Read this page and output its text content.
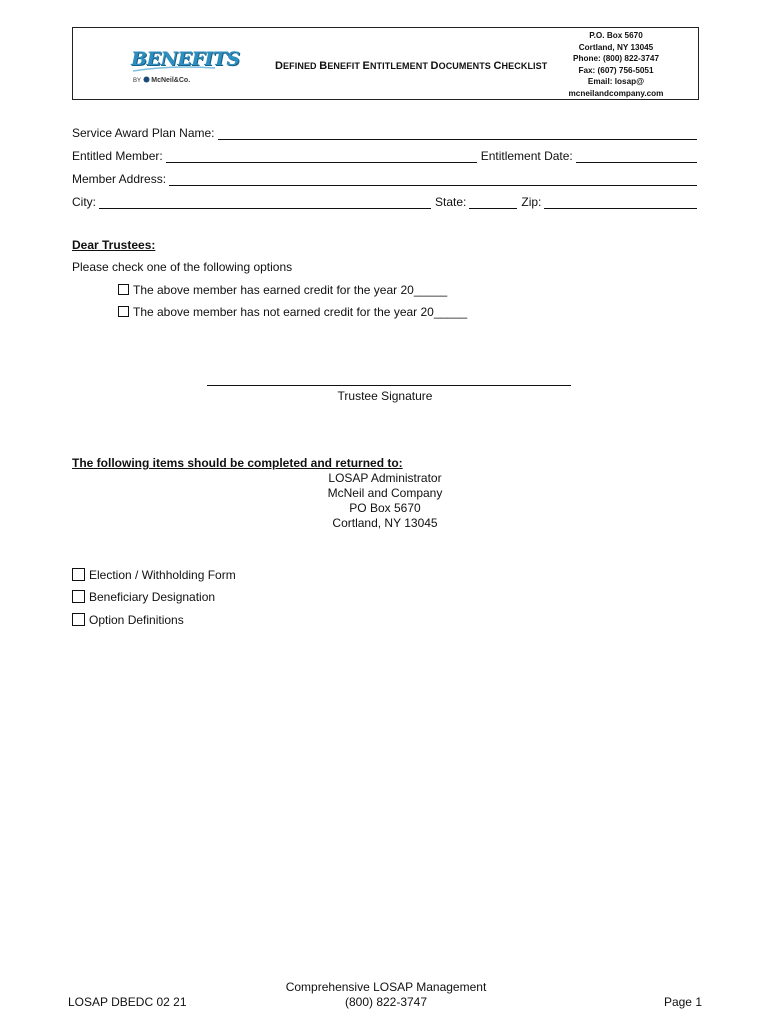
BENEFITS
BY McNeil&Co.
DEFINED BENEFIT ENTITLEMENT DOCUMENTS CHECKLIST
P.O. Box 5670
Cortland, NY 13045
Phone: (800) 822-3747
Fax: (607) 756-5051
Email: losap@
mcneilandcompany.com
Service Award Plan Name:
Entitled Member:	Entitlement Date:
Member Address:
City:	State:	Zip:
Dear Trustees:
Please check one of the following options
The above member has earned credit for the year 20_____
The above member has not earned credit for the year 20_____
Trustee Signature
The following items should be completed and returned to:
LOSAP Administrator
McNeil and Company
PO Box 5670
Cortland, NY 13045
Election / Withholding Form
Beneficiary Designation
Option Definitions
LOSAP DBEDC 02 21
Comprehensive LOSAP Management
(800) 822-3747	Page 1
